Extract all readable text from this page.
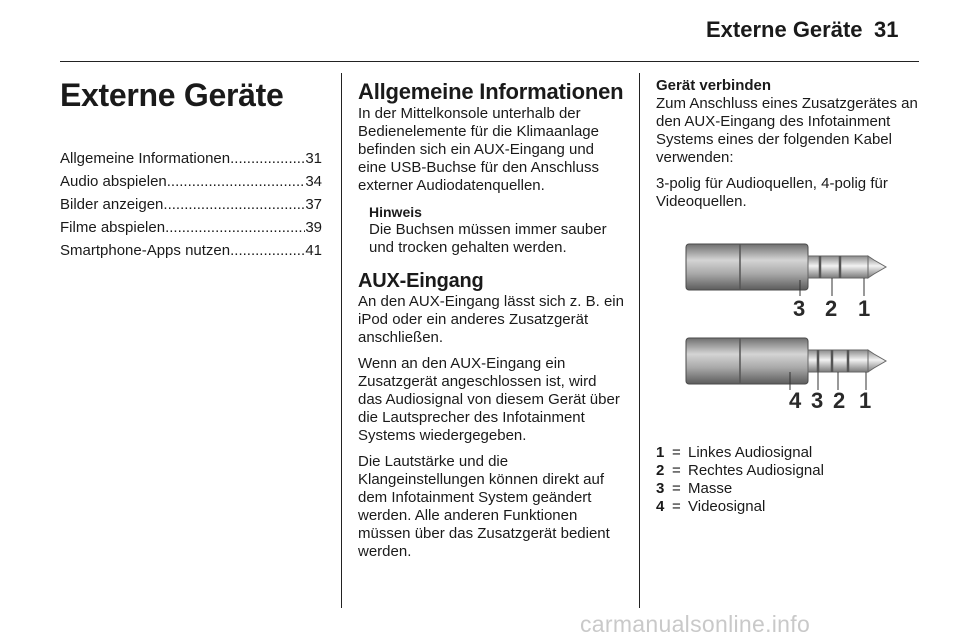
Externe Geräte 31
Externe Geräte
Allgemeine Informationen .....	31
Audio abspielen .....	34
Bilder anzeigen .....	37
Filme abspielen .....	39
Smartphone-Apps nutzen .....	41
Allgemeine Informationen

In der Mittelkonsole unterhalb der Bedienelemente für die Klimaanlage befinden sich ein AUX-Eingang und eine USB-Buchse für den Anschluss externer Audiodatenquellen.

Hinweis

Die Buchsen müssen immer sauber und trocken gehalten werden.

AUX-Eingang

An den AUX-Eingang lässt sich z. B. ein iPod oder ein anderes Zusatzgerät anschließen.

Wenn an den AUX-Eingang ein Zusatzgerät angeschlossen ist, wird das Audiosignal von diesem Gerät über die Lautsprecher des Infotainment Systems wiedergegeben.

Die Lautstärke und die Klangeinstellungen können direkt auf dem Infotainment System geändert werden. Alle anderen Funktionen müssen über das Zusatzgerät bedient werden.

Gerät verbinden

Zum Anschluss eines Zusatzgerätes an den AUX-Eingang des Infotainment Systems eines der folgenden Kabel verwenden:

3-polig für Audioquellen, 4-polig für Videoquellen.

3 2 1
4 3 2 1
1 = Linkes Audiosignal
2 = Rechtes Audiosignal
3 = Masse
4 = Videosignal
carmanualsonline.info
